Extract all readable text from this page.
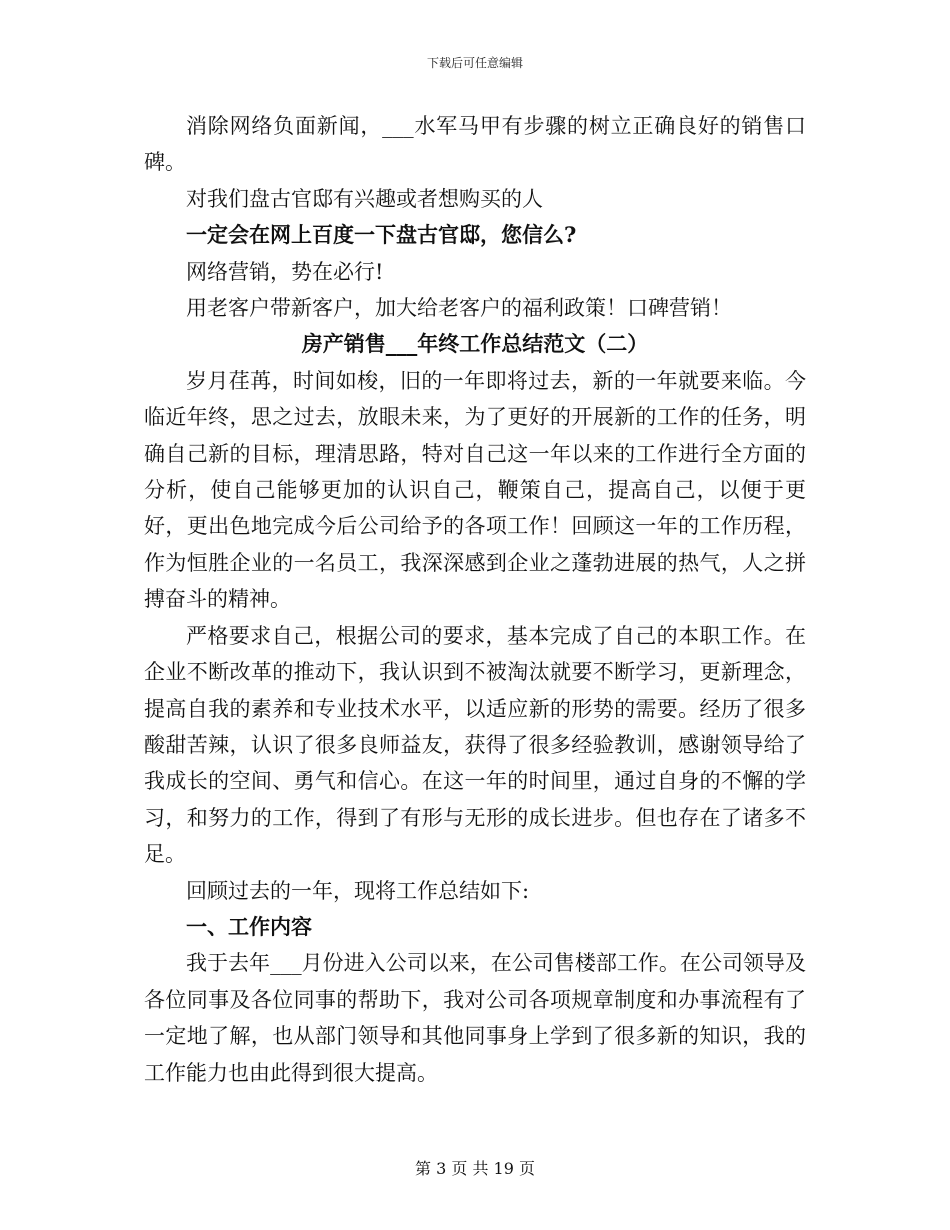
下载后可任意编辑

消除网络负面新闻，___水军马甲有步骤的树立正确良好的销售口碑。

对我们盘古官邸有兴趣或者想购买的人

一定会在网上百度一下盘古官邸，您信么?

网络营销，势在必行!

用老客户带新客户，加大给老客户的福利政策！口碑营销！

房产销售___年终工作总结范文（二）

岁月荏苒，时间如梭，旧的一年即将过去，新的一年就要来临。今临近年终，思之过去，放眼未来，为了更好的开展新的工作的任务，明确自己新的目标，理清思路，特对自己这一年以来的工作进行全方面的分析，使自己能够更加的认识自己，鞭策自己，提高自己，以便于更好，更出色地完成今后公司给予的各项工作！回顾这一年的工作历程，作为恒胜企业的一名员工，我深深感到企业之蓬勃进展的热气，人之拼搏奋斗的精神。

严格要求自己，根据公司的要求，基本完成了自己的本职工作。在企业不断改革的推动下，我认识到不被淘汰就要不断学习，更新理念，提高自我的素养和专业技术水平，以适应新的形势的需要。经历了很多酸甜苦辣，认识了很多良师益友，获得了很多经验教训，感谢领导给了我成长的空间、勇气和信心。在这一年的时间里，通过自身的不懈的学习，和努力的工作，得到了有形与无形的成长进步。但也存在了诸多不足。

回顾过去的一年，现将工作总结如下:

一、工作内容

我于去年___月份进入公司以来，在公司售楼部工作。在公司领导及各位同事及各位同事的帮助下，我对公司各项规章制度和办事流程有了一定地了解，也从部门领导和其他同事身上学到了很多新的知识，我的工作能力也由此得到很大提高。

第 3 页 共 19 页
